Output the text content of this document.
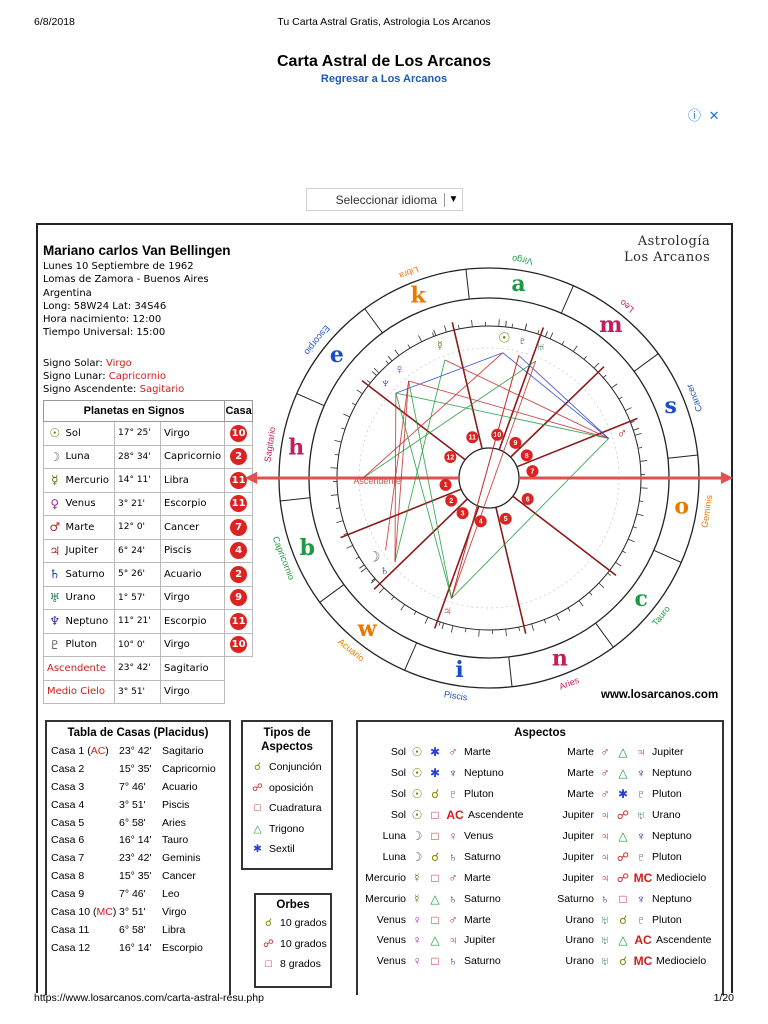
6/8/2018	Tu Carta Astral Gratis, Astrologia Los Arcanos
Carta Astral de Los Arcanos
Regresar a Los Arcanos
ⓘ ✕
Seleccionar idioma	▼
Mariano carlos Van Bellingen
Lunes 10 Septiembre de 1962
Lomas de Zamora - Buenos Aires
Argentina
Long: 58W24 Lat: 34S46
Hora nacimiento: 12:00
Tiempo Universal: 15:00
Signo Solar: Virgo
Signo Lunar: Capricornio
Signo Ascendente: Sagitario
Planetas en Signos				Casa
☉	Sol	17° 25'	Virgo	10
☽	Luna	28° 34'	Capricornio	2
☿	Mercurio	14° 11'	Libra	11
♀	Venus	3° 21'	Escorpio	11
♂	Marte	12° 0'	Cancer	7
♃	Jupiter	6° 24'	Piscis	4
♄	Saturno	5° 26'	Acuario	2
♅	Urano	1° 57'	Virgo	9
♆	Neptuno	11° 21'	Escorpio	11
♇	Pluton	10° 0'	Virgo	10
Ascendente		23° 42'	Sagitario	
Medio Cielo		3° 51'	Virgo	
Libra
k
Virgo
a
Leo
m
Cancer
s
Geminis
o
Tauro
c
Aries
n
Piscis
i
Acuario
w
Capricornio b
Sagitario h
Escorpio
e
1
2
3
4	5
6
7
8
9
10
11
12
◀	▶
Ascendente
☉
☽
☿
♀
♂
♃
♄
♅
♆
♇
Astrología
Los Arcanos
www.losarcanos.com
Tabla de Casas (Placidus)
Casa 1 (AC)	23° 42'	Sagitario
Casa 2	15° 35'	Capricornio
Casa 3	7° 46'	Acuario
Casa 4	3° 51'	Piscis
Casa 5	6° 58'	Aries
Casa 6	16° 14'	Tauro
Casa 7	23° 42'	Geminis
Casa 8	15° 35'	Cancer
Casa 9	7° 46'	Leo
Casa 10 (MC)	3° 51'	Virgo
Casa 11	6° 58'	Libra
Casa 12	16° 14'	Escorpio
Tipos de Aspectos
☌ Conjunción
☍ oposición
□ Cuadratura
△ Trigono
✱ Sextil
Orbes
☌ 10 grados
☍ 10 grados
□ 8 grados
Aspectos
Sol ☉ ✱ ♂ Marte	Marte ♂ △ ♃ Jupiter
Sol ☉ ✱ ♆ Neptuno	Marte ♂ △ ♆ Neptuno
Sol ☉ ☌ ♇ Pluton	Marte ♂ ✱ ♇ Pluton
Sol ☉ □ AC Ascendente	Jupiter ♃ ☍ ♅ Urano
Luna ☽ □ ♀ Venus	Jupiter ♃ △ ♆ Neptuno
Luna ☽ ☌ ♄ Saturno	Jupiter ♃ ☍ ♇ Pluton
Mercurio ☿ □ ♂ Marte	Jupiter ♃ ☍ MC Mediocielo
Mercurio ☿ △ ♄ Saturno	Saturno ♄ □ ♆ Neptuno
Venus ♀ □ ♂ Marte	Urano ♅ ☌ ♇ Pluton
Venus ♀ △ ♃ Jupiter	Urano ♅ △ AC Ascendente
Venus ♀ □ ♄ Saturno	Urano ♅ ☌ MC Mediocielo
https://www.losarcanos.com/carta-astral-resu.php	1/20
